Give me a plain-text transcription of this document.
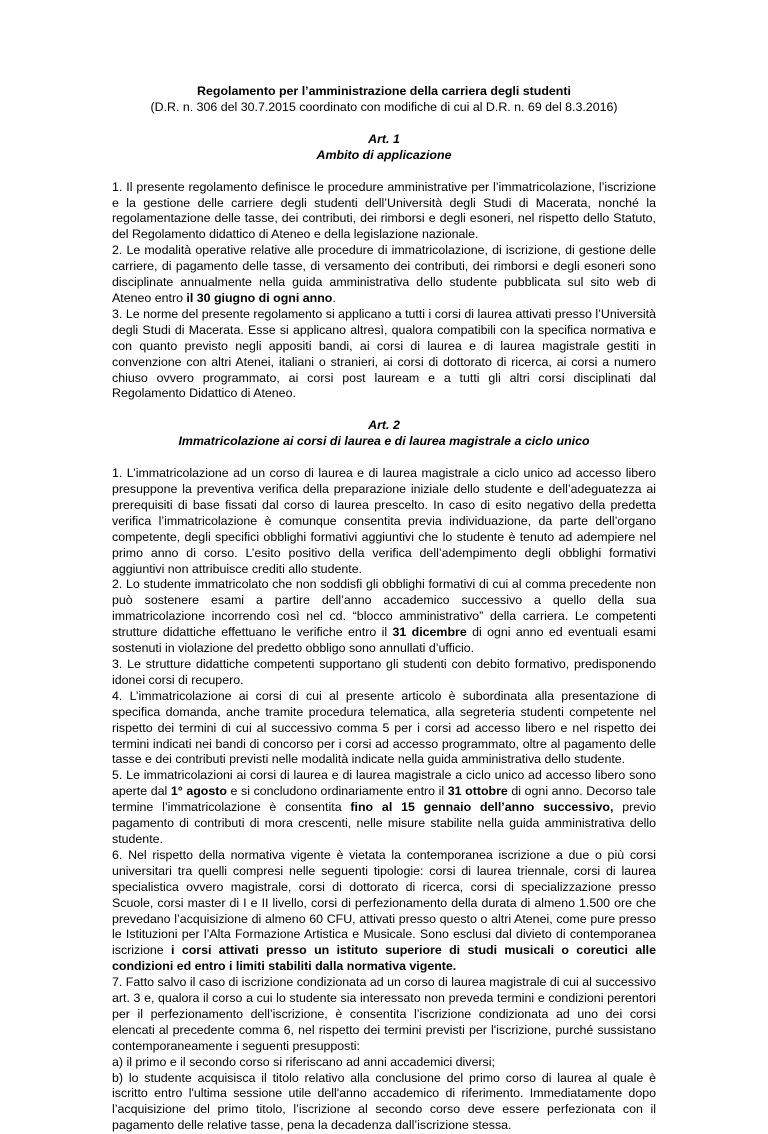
Regolamento per l’amministrazione della carriera degli studenti

(D.R. n. 306 del 30.7.2015 coordinato con modifiche di cui al D.R. n. 69 del 8.3.2016)

Art. 1

Ambito di applicazione

1. Il presente regolamento definisce le procedure amministrative per l’immatricolazione, l’iscrizione e la gestione delle carriere degli studenti dell’Università degli Studi di Macerata, nonché la regolamentazione delle tasse, dei contributi, dei rimborsi e degli esoneri, nel rispetto dello Statuto, del Regolamento didattico di Ateneo e della legislazione nazionale.

2. Le modalità operative relative alle procedure di immatricolazione, di iscrizione, di gestione delle carriere, di pagamento delle tasse, di versamento dei contributi, dei rimborsi e degli esoneri sono disciplinate annualmente nella guida amministrativa dello studente pubblicata sul sito web di Ateneo entro il 30 giugno di ogni anno.

3. Le norme del presente regolamento si applicano a tutti i corsi di laurea attivati presso l’Università degli Studi di Macerata. Esse si applicano altresì, qualora compatibili con la specifica normativa e con quanto previsto negli appositi bandi, ai corsi di laurea e di laurea magistrale gestiti in convenzione con altri Atenei, italiani o stranieri, ai corsi di dottorato di ricerca, ai corsi a numero chiuso ovvero programmato, ai corsi post lauream e a tutti gli altri corsi disciplinati dal Regolamento Didattico di Ateneo.

Art. 2

Immatricolazione ai corsi di laurea e di laurea magistrale a ciclo unico

1. L’immatricolazione ad un corso di laurea e di laurea magistrale a ciclo unico ad accesso libero presuppone la preventiva verifica della preparazione iniziale dello studente e dell’adeguatezza ai prerequisiti di base fissati dal corso di laurea prescelto. In caso di esito negativo della predetta verifica l’immatricolazione è comunque consentita previa individuazione, da parte dell’organo competente, degli specifici obblighi formativi aggiuntivi che lo studente è tenuto ad adempiere nel primo anno di corso. L’esito positivo della verifica dell’adempimento degli obblighi formativi aggiuntivi non attribuisce crediti allo studente.

2. Lo studente immatricolato che non soddisfi gli obblighi formativi di cui al comma precedente non può sostenere esami a partire dell’anno accademico successivo a quello della sua immatricolazione incorrendo così nel cd. “blocco amministrativo” della carriera. Le competenti strutture didattiche effettuano le verifiche entro il 31 dicembre di ogni anno ed eventuali esami sostenuti in violazione del predetto obbligo sono annullati d’ufficio.

3. Le strutture didattiche competenti supportano gli studenti con debito formativo, predisponendo idonei corsi di recupero.

4. L’immatricolazione ai corsi di cui al presente articolo è subordinata alla presentazione di specifica domanda, anche tramite procedura telematica, alla segreteria studenti competente nel rispetto dei termini di cui al successivo comma 5 per i corsi ad accesso libero e nel rispetto dei termini indicati nei bandi di concorso per i corsi ad accesso programmato, oltre al pagamento delle tasse e dei contributi previsti nelle modalità indicate nella guida amministrativa dello studente.

5. Le immatricolazioni ai corsi di laurea e di laurea magistrale a ciclo unico ad accesso libero sono aperte dal 1° agosto e si concludono ordinariamente entro il 31 ottobre di ogni anno. Decorso tale termine l’immatricolazione è consentita fino al 15 gennaio dell’anno successivo, previo pagamento di contributi di mora crescenti, nelle misure stabilite nella guida amministrativa dello studente.

6. Nel rispetto della normativa vigente è vietata la contemporanea iscrizione a due o più corsi universitari tra quelli compresi nelle seguenti tipologie: corsi di laurea triennale, corsi di laurea specialistica ovvero magistrale, corsi di dottorato di ricerca, corsi di specializzazione presso Scuole, corsi master di I e II livello, corsi di perfezionamento della durata di almeno 1.500 ore che prevedano l’acquisizione di almeno 60 CFU, attivati presso questo o altri Atenei, come pure presso le Istituzioni per l’Alta Formazione Artistica e Musicale. Sono esclusi dal divieto di contemporanea iscrizione i corsi attivati presso un istituto superiore di studi musicali o coreutici alle condizioni ed entro i limiti stabiliti dalla normativa vigente.

7. Fatto salvo il caso di iscrizione condizionata ad un corso di laurea magistrale di cui al successivo art. 3 e, qualora il corso a cui lo studente sia interessato non preveda termini e condizioni perentori per il perfezionamento dell’iscrizione, è consentita l’iscrizione condizionata ad uno dei corsi elencati al precedente comma 6, nel rispetto dei termini previsti per l'iscrizione, purché sussistano contemporaneamente i seguenti presupposti:

a) il primo e il secondo corso si riferiscano ad anni accademici diversi;

b) lo studente acquisisca il titolo relativo alla conclusione del primo corso di laurea al quale è iscritto entro l'ultima sessione utile dell'anno accademico di riferimento. Immediatamente dopo l’acquisizione del primo titolo, l’iscrizione al secondo corso deve essere perfezionata con il pagamento delle relative tasse, pena la decadenza dall’iscrizione stessa.
